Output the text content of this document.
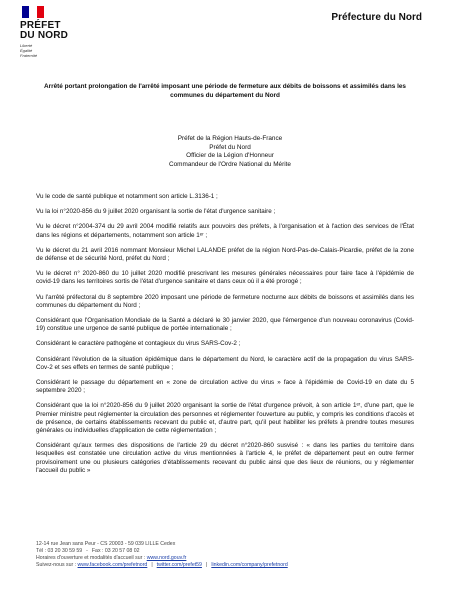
PRÉFET
DU NORD
Liberté
Égalité
Fraternité
Préfecture du Nord
Arrêté portant prolongation de l'arrêté imposant une période de fermeture aux débits de boissons et assimilés dans les communes du département du Nord
Préfet de la Région Hauts-de-France
Préfet du Nord
Officier de la Légion d'Honneur
Commandeur de l'Ordre National du Mérite

Vu le code de santé publique et notamment son article L.3136-1 ;

Vu la loi n°2020-856 du 9 juillet 2020 organisant la sortie de l'état d'urgence sanitaire ;

Vu le décret n°2004-374 du 29 avril 2004 modifié relatifs aux pouvoirs des préfets, à l'organisation et à l'action des services de l'État dans les régions et départements, notamment son article 1ᵉʳ ;

Vu le décret du 21 avril 2016 nommant Monsieur Michel LALANDE préfet de la région Nord-Pas-de-Calais-Picardie, préfet de la zone de défense et de sécurité Nord, préfet du Nord ;

Vu le décret n° 2020-860 du 10 juillet 2020 modifié prescrivant les mesures générales nécessaires pour faire face à l'épidémie de covid-19 dans les territoires sortis de l'état d'urgence sanitaire et dans ceux où il a été prorogé ;

Vu l'arrêté préfectoral du 8 septembre 2020 imposant une période de fermeture nocturne aux débits de boissons et assimilés dans les communes du département du Nord ;

Considérant que l'Organisation Mondiale de la Santé a déclaré le 30 janvier 2020, que l'émergence d'un nouveau coronavirus (Covid-19) constitue une urgence de santé publique de portée internationale ;

Considérant le caractère pathogène et contagieux du virus SARS-Cov-2 ;

Considérant l'évolution de la situation épidémique dans le département du Nord, le caractère actif de la propagation du virus SARS-Cov-2 et ses effets en termes de santé publique ;

Considérant le passage du département en « zone de circulation active du virus » face à l'épidémie de Covid-19 en date du 5 septembre 2020 ;

Considérant que la loi n°2020-856 du 9 juillet 2020 organisant la sortie de l'état d'urgence prévoit, à son article 1ᵉʳ, d'une part, que le Premier ministre peut réglementer la circulation des personnes et réglementer l'ouverture au public, y compris les conditions d'accès et de présence, de certains établissements recevant du public et, d'autre part, qu'il peut habiliter les préfets à prendre toutes mesures générales ou individuelles d'application de cette réglementation ;

Considérant qu'aux termes des dispositions de l'article 29 du décret n°2020-860 susvisé : « dans les parties du territoire dans lesquelles est constatée une circulation active du virus mentionnées à l'article 4, le préfet de département peut en outre fermer provisoirement une ou plusieurs catégories d'établissements recevant du public ainsi que des lieux de réunions, ou y réglementer l'accueil du public »

12-14 rue Jean sans Peur - CS 20003 - 59 039 LILLE Cedex
Tél : 03 20 30 59 59 - Fax : 03 20 57 08 02
Horaires d'ouverture et modalités d'accueil sur : www.nord.gouv.fr
Suivez-nous sur : www.facebook.com/prefetnord | twitter.com/prefet59 | linkedin.com/company/prefetnord
